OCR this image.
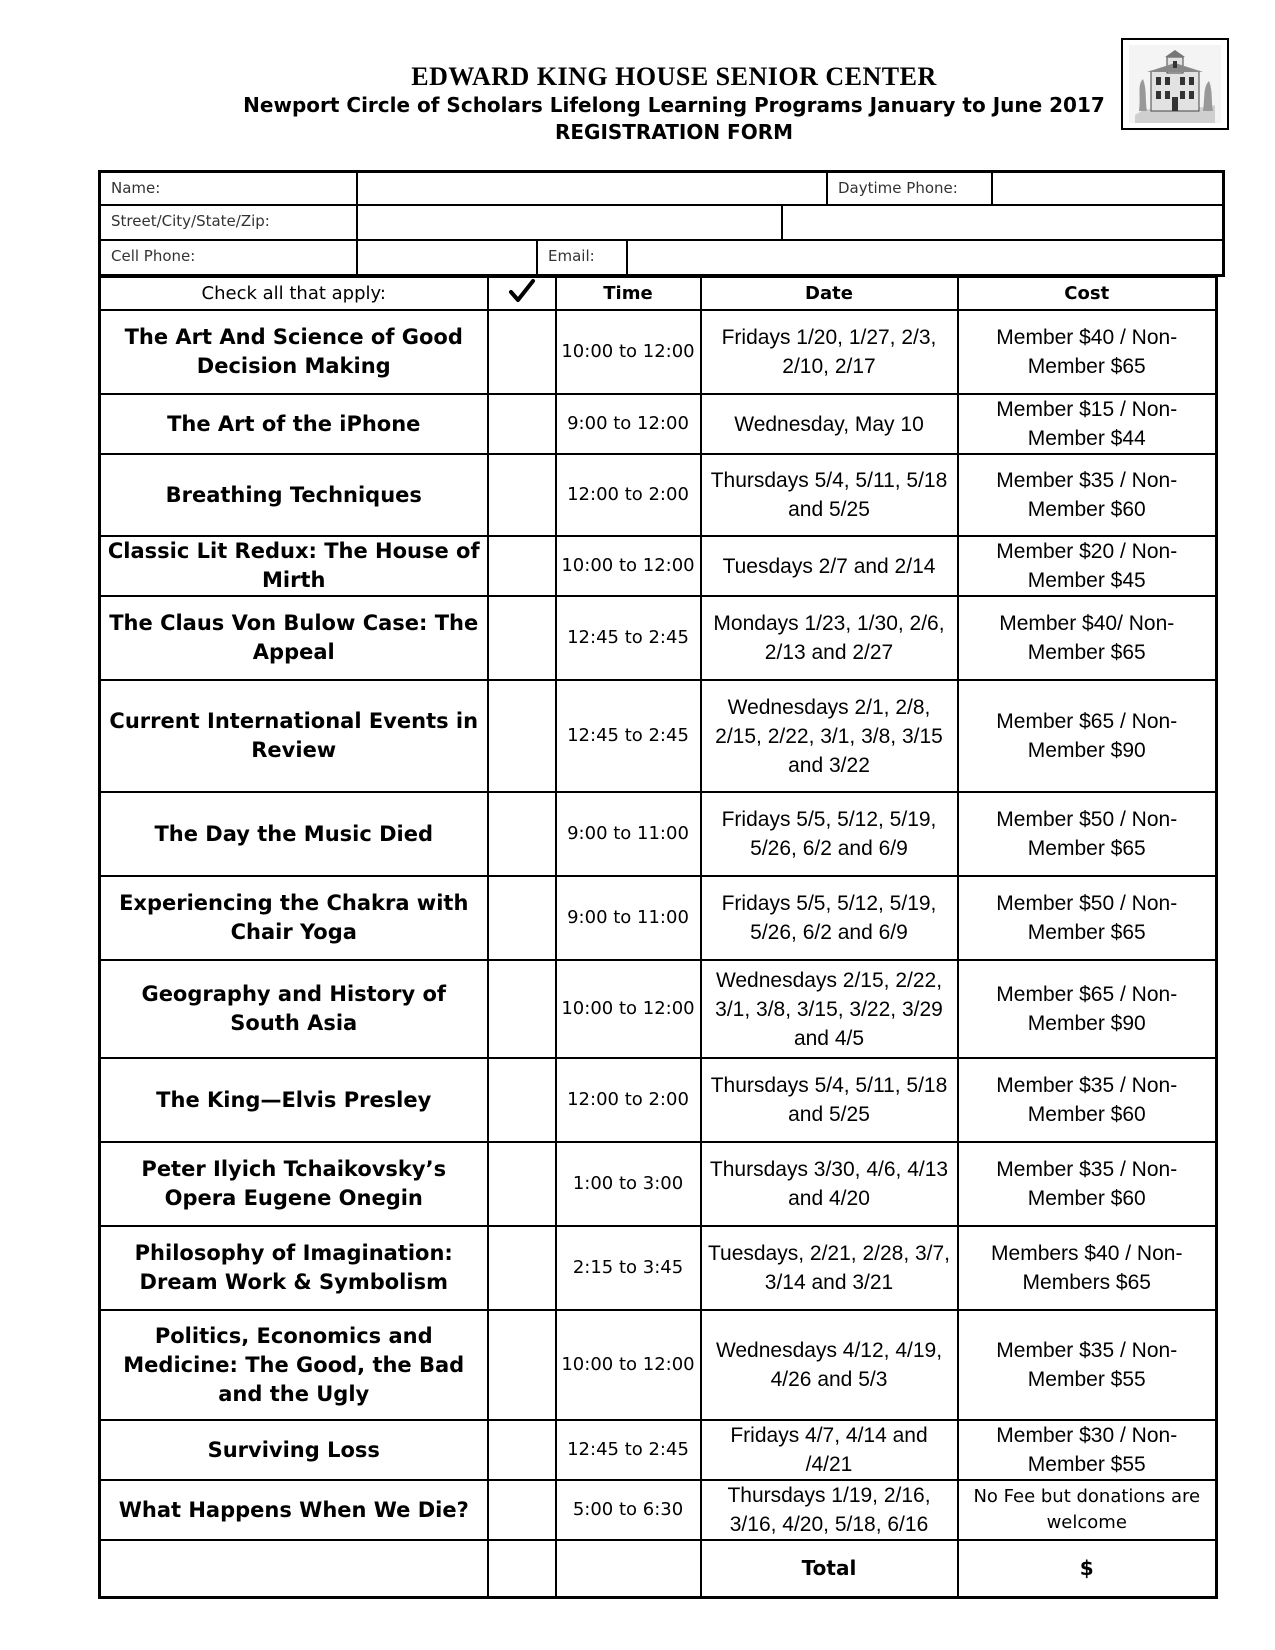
EDWARD KING HOUSE SENIOR CENTER
Newport Circle of Scholars Lifelong Learning Programs January to June 2017
REGISTRATION FORM
Name:	Daytime Phone:
Street/City/State/Zip:
Cell Phone:	Email:
Check all that apply:		Time	Date	Cost
The Art And Science of Good Decision Making		10:00 to 12:00	Fridays 1/20, 1/27, 2/3, 2/10, 2/17	Member $40 / Non-Member $65
The Art of the iPhone		9:00 to 12:00	Wednesday, May 10	Member $15 / Non-Member $44
Breathing Techniques		12:00 to 2:00	Thursdays 5/4, 5/11, 5/18 and 5/25	Member $35 / Non-Member $60
Classic Lit Redux: The House of Mirth		10:00 to 12:00	Tuesdays 2/7 and 2/14	Member $20 / Non-Member $45
The Claus Von Bulow Case: The Appeal		12:45 to 2:45	Mondays 1/23, 1/30, 2/6, 2/13 and 2/27	Member $40/ Non-Member $65
Current International Events in Review		12:45 to 2:45	Wednesdays 2/1, 2/8, 2/15, 2/22, 3/1, 3/8, 3/15 and 3/22	Member $65 / Non-Member $90
The Day the Music Died		9:00 to 11:00	Fridays 5/5, 5/12, 5/19, 5/26, 6/2 and 6/9	Member $50 / Non-Member $65
Experiencing the Chakra with Chair Yoga		9:00 to 11:00	Fridays 5/5, 5/12, 5/19, 5/26, 6/2 and 6/9	Member $50 / Non-Member $65
Geography and History of South Asia		10:00 to 12:00	Wednesdays 2/15, 2/22, 3/1, 3/8, 3/15, 3/22, 3/29 and 4/5	Member $65 / Non-Member $90
The King—Elvis Presley		12:00 to 2:00	Thursdays 5/4, 5/11, 5/18 and 5/25	Member $35 / Non-Member $60
Peter Ilyich Tchaikovsky’s Opera Eugene Onegin		1:00 to 3:00	Thursdays 3/30, 4/6, 4/13 and 4/20	Member $35 / Non-Member $60
Philosophy of Imagination: Dream Work & Symbolism		2:15 to 3:45	Tuesdays, 2/21, 2/28, 3/7, 3/14 and 3/21	Members $40 / Non-Members $65
Politics, Economics and Medicine: The Good, the Bad and the Ugly		10:00 to 12:00	Wednesdays 4/12, 4/19, 4/26 and 5/3	Member $35 / Non-Member $55
Surviving Loss		12:45 to 2:45	Fridays 4/7, 4/14 and /4/21	Member $30 / Non-Member $55
What Happens When We Die?		5:00 to 6:30	Thursdays 1/19, 2/16, 3/16, 4/20, 5/18, 6/16	No Fee but donations are welcome
			Total	$
